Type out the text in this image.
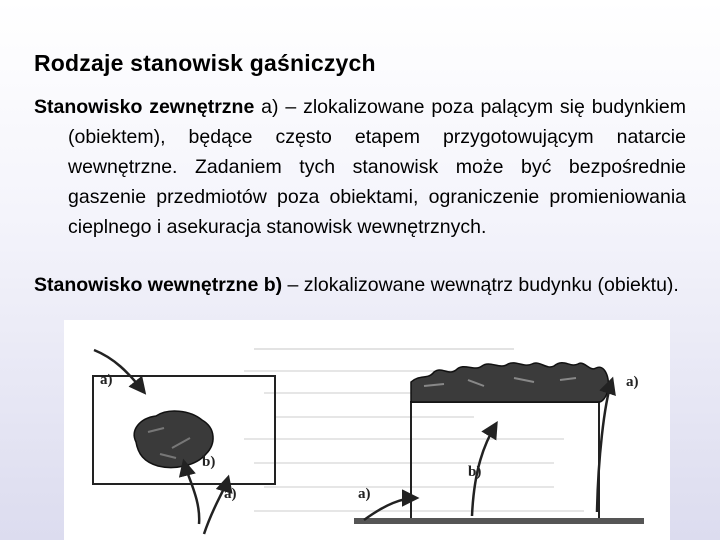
Rodzaje stanowisk gaśniczych
Stanowisko zewnętrzne a) – zlokalizowane poza palącym się budynkiem (obiektem), będące często etapem przygotowującym natarcie wewnętrzne. Zadaniem tych stanowisk może być bezpośrednie gaszenie przedmiotów poza obiektami, ograniczenie promieniowania cieplnego i asekuracja stanowisk wewnętrznych.
Stanowisko wewnętrzne b) – zlokalizowane wewnątrz budynku (obiektu).
a)
b)
a)
a)
b)
a)
